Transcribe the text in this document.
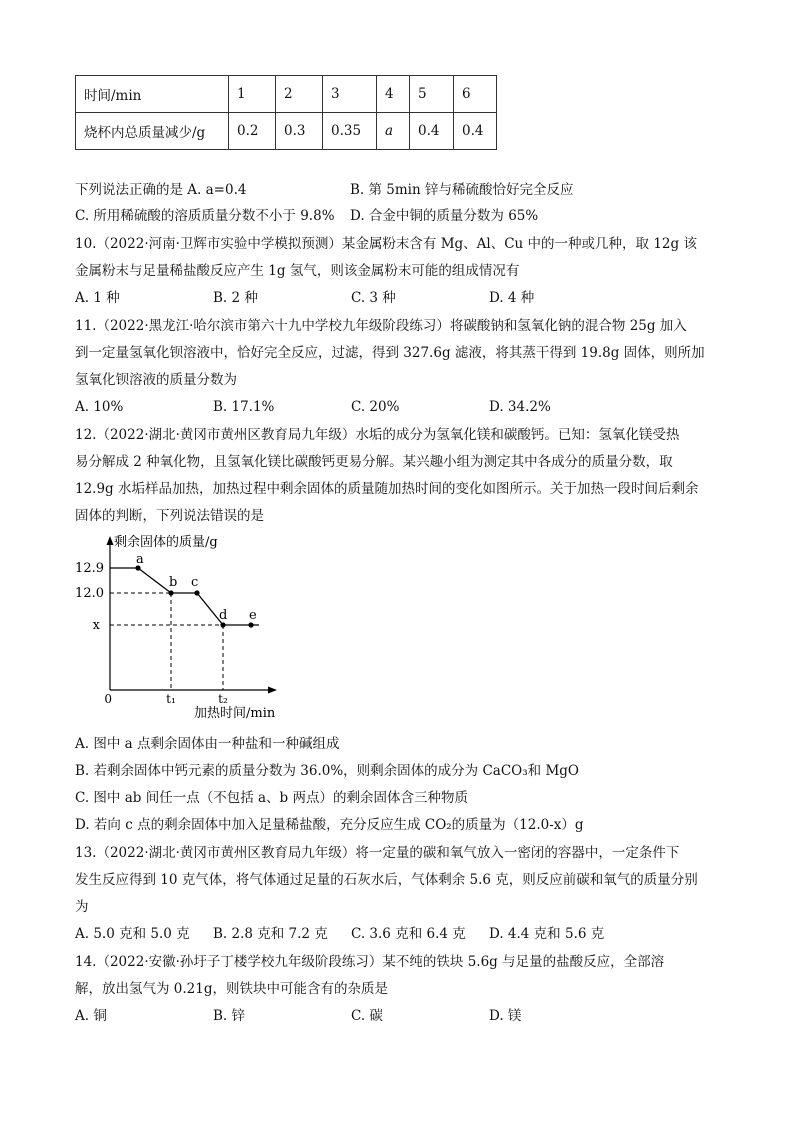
时间/min	1	2	3	4	5	6
烧杯内总质量减少/g	0.2	0.3	0.35	a	0.4	0.4
下列说法正确的是 A. a=0.4	B. 第 5min 锌与稀硫酸恰好完全反应
C. 所用稀硫酸的溶质质量分数不小于 9.8% D. 合金中铜的质量分数为 65%
10.（2022·河南·卫辉市实验中学模拟预测）某金属粉末含有 Mg、Al、Cu 中的一种或几种，取 12g 该
金属粉末与足量稀盐酸反应产生 1g 氢气，则该金属粉末可能的组成情况有
A. 1 种	B. 2 种	C. 3 种	D. 4 种
11.（2022·黑龙江·哈尔滨市第六十九中学校九年级阶段练习）将碳酸钠和氢氧化钠的混合物 25g 加入
到一定量氢氧化钡溶液中，恰好完全反应，过滤，得到 327.6g 滤液，将其蒸干得到 19.8g 固体，则所加
氢氧化钡溶液的质量分数为
A. 10%	B. 17.1%	C. 20%	D. 34.2%
12.（2022·湖北·黄冈市黄州区教育局九年级）水垢的成分为氢氧化镁和碳酸钙。已知：氢氧化镁受热
易分解成 2 种氧化物，且氢氧化镁比碳酸钙更易分解。某兴趣小组为测定其中各成分的质量分数，取
12.9g 水垢样品加热，加热过程中剩余固体的质量随加热时间的变化如图所示。关于加热一段时间后剩余
固体的判断，下列说法错误的是
剩余固体的质量/g
加热时间/min
0
12.9
12.0
x
t₁	t₂
a
b c
d e
A. 图中 a 点剩余固体由一种盐和一种碱组成
B. 若剩余固体中钙元素的质量分数为 36.0%，则剩余固体的成分为 CaCO₃和 MgO
C. 图中 ab 间任一点（不包括 a、b 两点）的剩余固体含三种物质
D. 若向 c 点的剩余固体中加入足量稀盐酸，充分反应生成 CO₂的质量为（12.0-x）g
13.（2022·湖北·黄冈市黄州区教育局九年级）将一定量的碳和氧气放入一密闭的容器中，一定条件下
发生反应得到 10 克气体，将气体通过足量的石灰水后，气体剩余 5.6 克，则反应前碳和氧气的质量分别
为
A. 5.0 克和 5.0 克 B. 2.8 克和 7.2 克 C. 3.6 克和 6.4 克 D. 4.4 克和 5.6 克
14.（2022·安徽·孙圩子丁楼学校九年级阶段练习）某不纯的铁块 5.6g 与足量的盐酸反应，全部溶
解，放出氢气为 0.21g，则铁块中可能含有的杂质是
A. 铜	B. 锌	C. 碳	D. 镁
